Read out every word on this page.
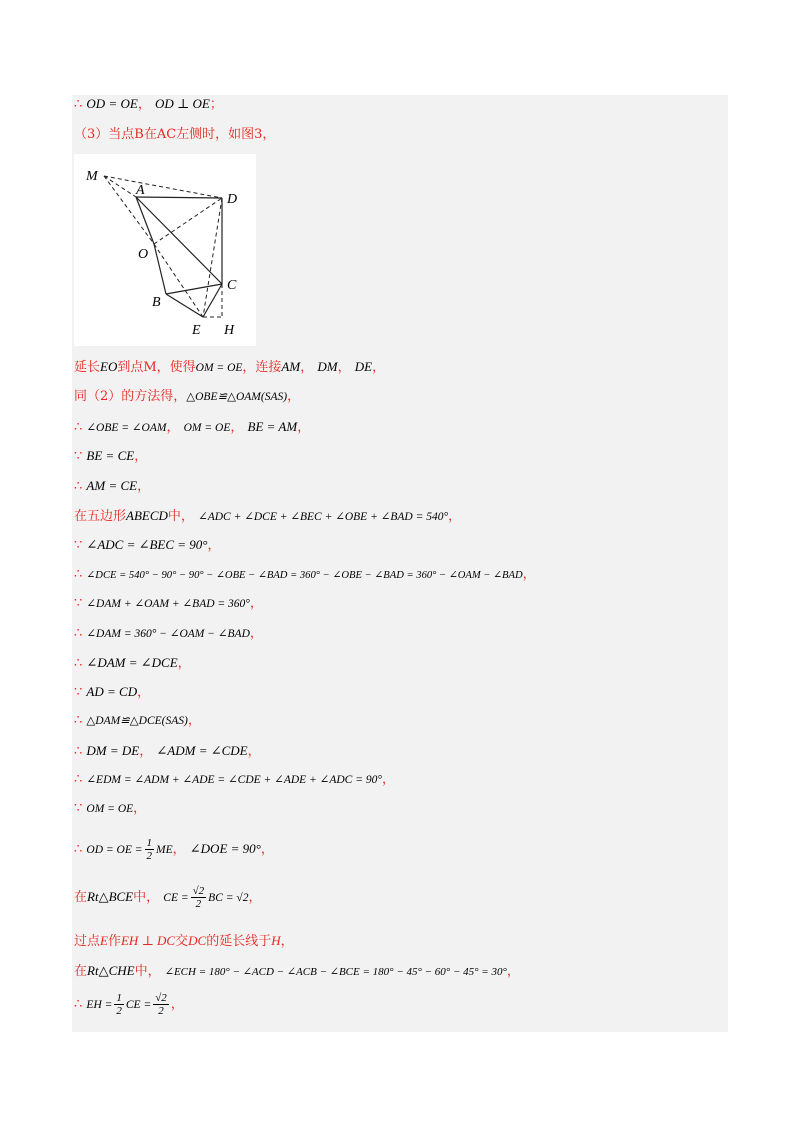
∴ OD = OE， OD ⊥ OE；
（3）当点B在AC左侧时，如图3，
M
A
D
O
C
B
E H
延长EO到点M，使得OM = OE，连接AM， DM， DE，
同（2）的方法得，△OBE≌△OAM(SAS)，
∴ ∠OBE = ∠OAM， OM = OE， BE = AM，
∵ BE = CE，
∴ AM = CE，
在五边形ABECD中， ∠ADC + ∠DCE + ∠BEC + ∠OBE + ∠BAD = 540°，
∵ ∠ADC = ∠BEC = 90°，
∴ ∠DCE = 540° − 90° − 90° − ∠OBE − ∠BAD = 360° − ∠OBE − ∠BAD = 360° − ∠OAM − ∠BAD，
∵ ∠DAM + ∠OAM + ∠BAD = 360°，
∴ ∠DAM = 360° − ∠OAM − ∠BAD，
∴ ∠DAM = ∠DCE，
∵ AD = CD，
∴ △DAM≌△DCE(SAS)，
∴ DM = DE， ∠ADM = ∠CDE，
∴ ∠EDM = ∠ADM + ∠ADE = ∠CDE + ∠ADE + ∠ADC = 90°，
∵ OM = OE，
∴ OD = OE = $\frac{1}{2}$ ME， ∠DOE = 90°，
在Rt△BCE中， CE = $\frac{√2}{2}$ BC = √2，
过点E作EH ⊥ DC交DC的延长线于H，
在Rt△CHE中， ∠ECH = 180° − ∠ACD − ∠ACB − ∠BCE = 180° − 45° − 60° − 45° = 30°，
∴ EH = $\frac{1}{2}$ CE = $\frac{√2}{2}$ ，
